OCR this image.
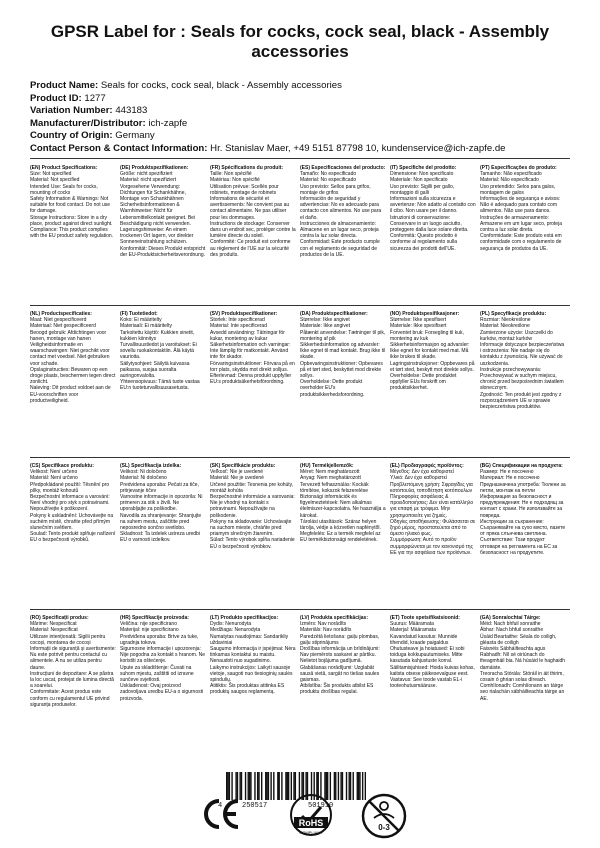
GPSR Label for : Seals for cocks, cock seal, black - Assembly accessories
Product Name: Seals for cocks, cock seal, black - Assembly accessories
Product ID: 1277
Variation Number: 443183
Manufacturer/Distributor: ich-zapfe
Country of Origin: Germany
Contact Person & Contact Information: Hr. Stanislav Maer, +49 5151 87798 10, kundenservice@ich-zapfe.de
(EN) Product Specifications:
Size: Not specified
Material: Not specified
Intended Use: Seals for cocks, mounting of cocks
Safety Information & Warnings: Not suitable for food contact. Do not use for damage.
Storage Instructions: Store in a dry place, product against direct sunlight.
Compliance: This product complies with the EU product safety regulation.
(DE) Produktspezifikationen:
Größe: nicht spezifiziert
Material: nicht spezifiziert
Vorgesehene Verwendung: Dichtungen für Schankhähne, Montage von Schankhähnen
Sicherheitsinformationen & Warnhinweise: Nicht für Lebensmittelkontakt geeignet. Bei Beschädigung nicht verwenden.
Lagerungshinweise: An einem trockenen Ort lagern, vor direkter Sonneneinstrahlung schützen.
Konformität: Dieses Produkt entspricht der EU-Produktsicherheitsverordnung.
(FR) Spécifications du produit:
Taille: Non spécifié
Matériau: Non spécifié
Utilisation prévue: Scellés pour robinets, montage de robinets
Informations de sécurité et avertissements: Ne convient pas au contact alimentaire. Ne pas utiliser pour les dommages.
Instructions de stockage: Conserver dans un endroit sec, protéger contre la lumière directe du soleil.
Conformité: Ce produit est conforme au règlement de l'UE sur la sécurité des produits.
(ES) Especificaciones del producto:
Tamaño: No especificado
Material: No especificado
Uso previsto: Sellos para grifos, montaje de grifos
Información de seguridad y advertencias: No es adecuado para contacto con alimentos. No use para el daño.
Instrucciones de almacenamiento: Almacene en un lugar seco, proteja contra la luz solar directa.
Conformidad: Este producto cumple con el reglamento de seguridad de productos de la UE.
(IT) Specifiche del prodotto:
Dimensione: Non specificato
Materiale: Non specificato
Uso previsto: Sigilli per gallo, montaggio di galli
Informazioni sulla sicurezza e avvertenze: Non adatto al contatto con il cibo. Non usare per il danno.
Istruzioni di conservazione: Conservare in un luogo asciutto, proteggere dalla luce solare diretta.
Conformità: Questo prodotto è conforme al regolamento sulla sicurezza dei prodotti dell'UE.
(PT) Especificações do produto:
Tamanho: Não especificado
Material: Não especificado
Uso pretendido: Selos para galos, montagem de galos
Informações de segurança e avisos: Não é adequado para contato com alimentos. Não use para danos.
Instruções de armazenamento: Armazene em um lugar seco, proteja contra a luz solar direta.
Conformidade: Este produto está em conformidade com o regulamento de segurança de produtos da UE.
(NL) Productspecificaties:
Maat: Niet gespecificeerd
Materiaal: Niet gespecificeerd
Beoogd gebruik: Afdichtingen voor hanen, montage van hanen
Veiligheidsinformatie en waarschuwingen: Niet geschikt voor contact met voedsel. Niet gebruiken voor schade.
Opslaginstructies: Bewaren op een droge plaats, beschermen tegen direct zonlicht.
Naleving: Dit product voldoet aan de EU-voorschriften voor productveiligheid.
(FI) Tuotetiedot:
Koko: Ei määritelty
Materiaali: Ei määritelty
Tarkoitettu käyttö: Kukkien sinetit, kukkien kiinnitys
Turvallisuustiedot ja varoitukset: Ei sovellu ruokakontaktiin. Älä käytä vaurioita.
Säilytysohjeet: Säilytä kuivassa paikassa, suojaa suoralta auringonvalolta.
Yhteensopivuus: Tämä tuote vastaa EU:n tuoteturvallisuusasetusta.
(SV) Produktspecifikationer:
Storlek: Inte specificerad
Material: Inte specificerad
Avsedd användning: Tätningar för kukar, montering av kukar
Säkerhetsinformation och varningar: Inte lämplig för matkontakt. Använd inte för skador.
Förvaringsinstruktioner: Förvara på en torr plats, skydda mot direkt solljus.
Efterlevnad: Denna produkt uppfyller EU:s produktsäkerhetsförordning.
(DA) Produktspecifikationer:
Størrelse: Ikke angivet
Materiale: Ikke angivet
Påtænkt anvendelse: Tætninger til pik, montering af pik
Sikkerhedsinformation og advarsler: Ikke egnet til mad kontakt. Brug ikke til skade.
Opbevaringsinstruktioner: Opbevares på et tørt sted, beskyttet mod direkte sollys.
Overholdelse: Dette produkt overholder EU's produktsikkerhedsforordning.
(NO) Produktspesifikasjoner:
Størrelse: Ikke spesifisert
Materiale: Ikke spesifisert
Forventet bruk: Forsegling til kuk, montering av kuk
Sikkerhetsinformasjon og advarsler: Ikke egnet for kontakt med mat. Må ikke brukes til skade.
Lagringsinstruksjoner: Oppbevares på et tørt sted, beskytt mot direkte sollys.
Overholdelse: Dette produktet oppfyller EUs forskrift om produktsikkerhet.
(PL) Specyfikacje produktu:
Rozmiar: Nieokreślone
Materiał: Nieokreślone
Zamierzone użycie: Uszczelki do kurków, montaż kurków
Informacje dotyczące bezpieczeństwa i ostrzeżenia: Nie nadaje się do kontaktu z żywnością. Nie używać do uszkodzenia.
Instrukcje przechowywania: Przechowywać w suchym miejscu, chronić przed bezpośrednim światłem słonecznym.
Zgodność: Ten produkt jest zgodny z rozporządzeniem UE w sprawie bezpieczeństwa produktów.
(CS) Specifikace produktu:
Velikost: Není určeno
Materiál: Není určeno
Předpokládané použití: Těsnění pro pílky, montáž kohoutů
Bezpečnostní informace a varování: Není vhodný pro styk s potravinami. Nepoužívejte k poškození.
Pokyny k uskladnění: Uchovávejte na suchém místě, chraňte před přímým slunečním světlem.
Soulad: Tento produkt splňuje nařízení EU o bezpečnosti výrobků.
(SL) Specifikacija izdelka:
Velikost: Ni določeno
Material: Ni določeno
Predvidena uporaba: Pečati za tiče, pritrjevanje tičev
Varnostne informacije in opozorila: Ni primeren za stik s živili. Ne uporabljajte za poškodbe.
Navodila za shranjevanje: Shranjujte na suhem mestu, zaščitite pred neposredno sončno svetlobo.
Skladnost: Ta izdelek ustreza uredbi EU o varnosti izdelkov.
(SK) Špecifikácie produktu:
Veľkosť: Nie je uvedené
Materiál: Nie je uvedené
Určené použitie: Tesnenia pre kohúty, montáž kohúta
Bezpečnostné informácie a varovania: Nie je vhodný na kontakt s potravinami. Nepoužívajte na poškodenie.
Pokyny na skladovanie: Uchovávajte na suchom mieste, chráňte pred priamym slnečným žiarením.
Súlad: Tento výrobok spĺňa nariadenie EÚ o bezpečnosti výrobkov.
(HU) Termékjellemzők:
Méret: Nem meghatározott
Anyag: Nem meghatározott
Tervezett felhasználás: Kockák tömítése, kokszok felszerelése
Biztonsági információk és figyelmeztetések: Nem alkalmas élelmiszer-kapcsolatra. Ne használja a károkat.
Tárolási utasítások: Száraz helyen tárolja, védje a közvetlen napfénytől.
Megfelelés: Ez a termék megfelel az EU termékbiztonsági rendeletének.
(EL) Προδιαγραφές προϊόντος:
Μέγεθος: Δεν έχει καθοριστεί
Υλικό: Δεν έχει καθοριστεί
Προβλεπόμενη χρήση: Σφραγίδες για κοτόπουλα, τοποθέτηση κοτόπουλων
Πληροφορίες ασφάλειας & προειδοποιήσεις: Δεν είναι κατάλληλο για επαφή με τρόφιμα. Μην χρησιμοποιείτε για ζημιές.
Οδηγίες αποθήκευσης: Φυλάσσεται σε ξηρό μέρος, προστατεύεται από το άμεσο ηλιακό φως.
Συμμόρφωση: Αυτό το προϊόν συμμορφώνεται με τον κανονισμό της ΕΕ για την ασφάλεια των προϊόντων.
(BG) Спецификации на продукта:
Размер: Не е посочено
Материал: Не е посочено
Предназначена употреба: Тюлени за петли, монтаж на петли
Информация за безопасност и предупреждения: Не е подходящ за контакт с храни. Не използвайте за повреда.
Инструкции за съхранение: Съхранявайте на сухо място, пазете от пряка слънчева светлина.
Съответствие: Този продукт отговаря на регламента на ЕС за безопасност на продуктите.
(RO) Specificații produs:
Mărime: Nespecificat
Material: Nespecificat
Utilizare intenționată: Sigilii pentru cocoși, montarea de cocoși
Informații de siguranță și avertismente: Nu este potrivit pentru contactul cu alimentele. A nu se utiliza pentru daune.
Instrucțiuni de depozitare: A se păstra la loc uscat, protejat de lumina directă a soarelui.
Conformitate: Acest produs este conform cu regulamentul UE privind siguranța produselor.
(HR) Specifikacije proizvoda:
Veličina: nije specificirano
Materijal: nije specificirano
Predviđena uporaba: Brtve za tuke, ugradnja tokova
Sigurnosne informacije i upozorenja: Nije pogodna za kontakt s hranom. Ne koristiti za oštećenje.
Upute za skladištenje: Čuvati na suhom mjestu, zaštititi od izravne sunčeve svjetlosti.
Usklađenost: Ovaj proizvod zadovoljava uredbu EU-a o sigurnosti proizvoda.
(LT) Produkto specifikacijos:
Dydis: Nenurodyta
Medžiaga: Nenurodyta
Numatytas naudojimas: Sandarikliy uždaviniai
Saugumo informacija ir įspėjimai: Nėra tinkamas kontaktui su maistu. Nenaudoti nuo sugadinimo.
Laikymo instrukcijos: Laikyti sausoje vietoje, saugoti nuo tiesioginių saulės spindulių.
Atitiktis: Šis produktas atitinka ES produktų saugos reglamentą.
(LV) Produkta specifikācijas:
Izmērs: Nav norādīts
Materiāls: Nav norādīts
Paredzētā lietošana: gaiļu plombas, gaiļu stiprinājums
Drošības informācija un brīdinājumi: Nav piemērots saskarei ar pārtiku. Nelietot bojājuma gadījumā.
Glabāšanas norādījumi: Uzglabāt sausā vietā, sargāt no tiešas saules gaismas.
Atbilstība: Šis produkts atbilst ES produktu drošības regulai.
(ET) Toote spetsifikatsioonid:
Suurus: Määramata
Materjal: Määramata
Kavandatud kasutus: Munnide tihendid, kraade paigaldus
Ohutusteave ja hoiatused: Ei sobi toiduga kokkupuutumiseks. Mitte kasutada kahjustuste korral.
Säilitamisjuhised: Hoida kuivas kohas, kaitsta otsese päikesevalguse eest.
Vastavus: See toode vastab EL-i tooteohutusmääruse.
(GA) Sonraíochtaí Táirge:
Méid: Nach bhfuil sonraithe
Ábhar: Nach bhfuil sonraithe
Úsáid Beartaithe: Séala do coiligh, gléasta de coiligh
Faisnéis Sábháilteachta agus Rabhadh: Níl sé oiriúnach do theagmháil bia. Ná húsáid le haghaidh damáiste.
Treoracha Stórála: Stóráil in áit thirim, cosain ó ghrian solas díreach.
Comhlíonadh: Comhlíonann an táirge seo rialachán sábháilteachta táirge an AE.
4	250517	501910
RoHS
COMPLIANT
0-3
